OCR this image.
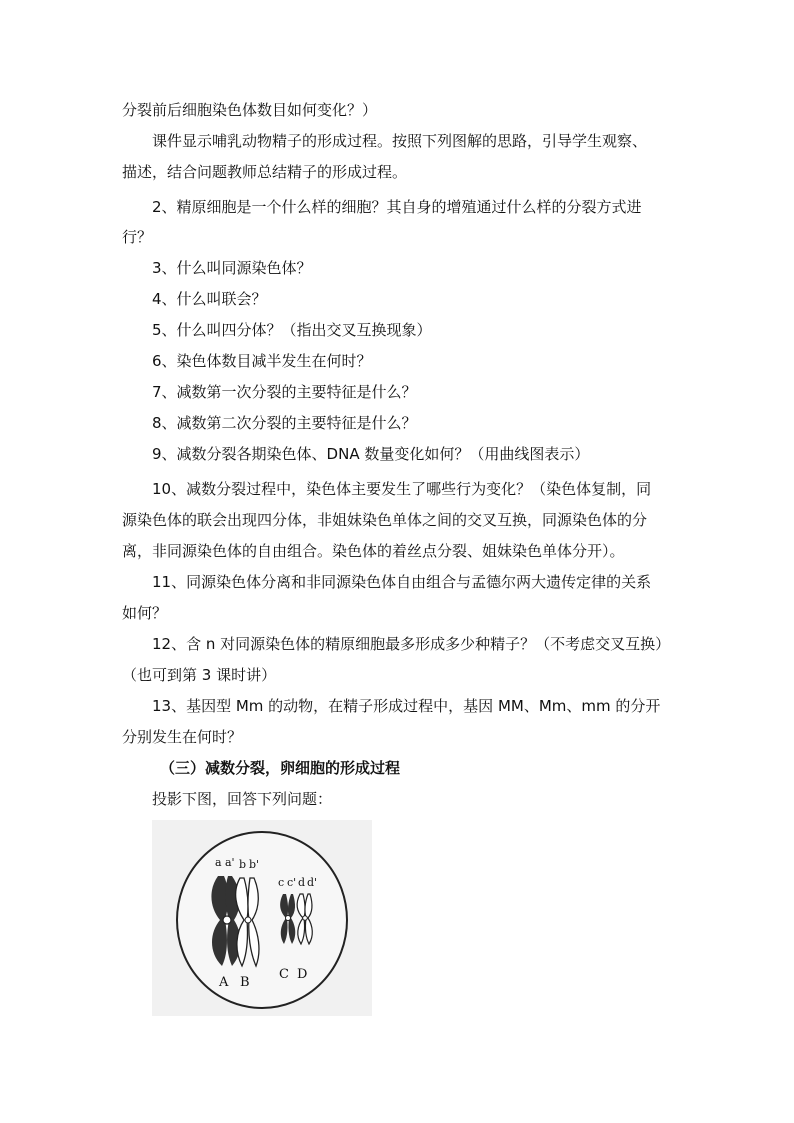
分裂前后细胞染色体数目如何变化？）
课件显示哺乳动物精子的形成过程。按照下列图解的思路，引导学生观察、
描述，结合问题教师总结精子的形成过程。
2、精原细胞是一个什么样的细胞？其自身的增殖通过什么样的分裂方式进
行？
3、什么叫同源染色体？
4、什么叫联会？
5、什么叫四分体？（指出交叉互换现象）
6、染色体数目减半发生在何时？
7、减数第一次分裂的主要特征是什么？
8、减数第二次分裂的主要特征是什么？
9、减数分裂各期染色体、DNA 数量变化如何？（用曲线图表示）
10、减数分裂过程中，染色体主要发生了哪些行为变化？（染色体复制，同
源染色体的联会出现四分体，非姐妹染色单体之间的交叉互换，同源染色体的分
离，非同源染色体的自由组合。染色体的着丝点分裂、姐妹染色单体分开）。
11、同源染色体分离和非同源染色体自由组合与孟德尔两大遗传定律的关系
如何？
12、含 n 对同源染色体的精原细胞最多形成多少种精子？（不考虑交叉互换）
（也可到第 3 课时讲）
13、基因型 Mm 的动物，在精子形成过程中，基因 MM、Mm、mm 的分开
分别发生在何时？
（三）减数分裂，卵细胞的形成过程
投影下图，回答下列问题：
a a' b b'
c c' d d'
A B
C D
